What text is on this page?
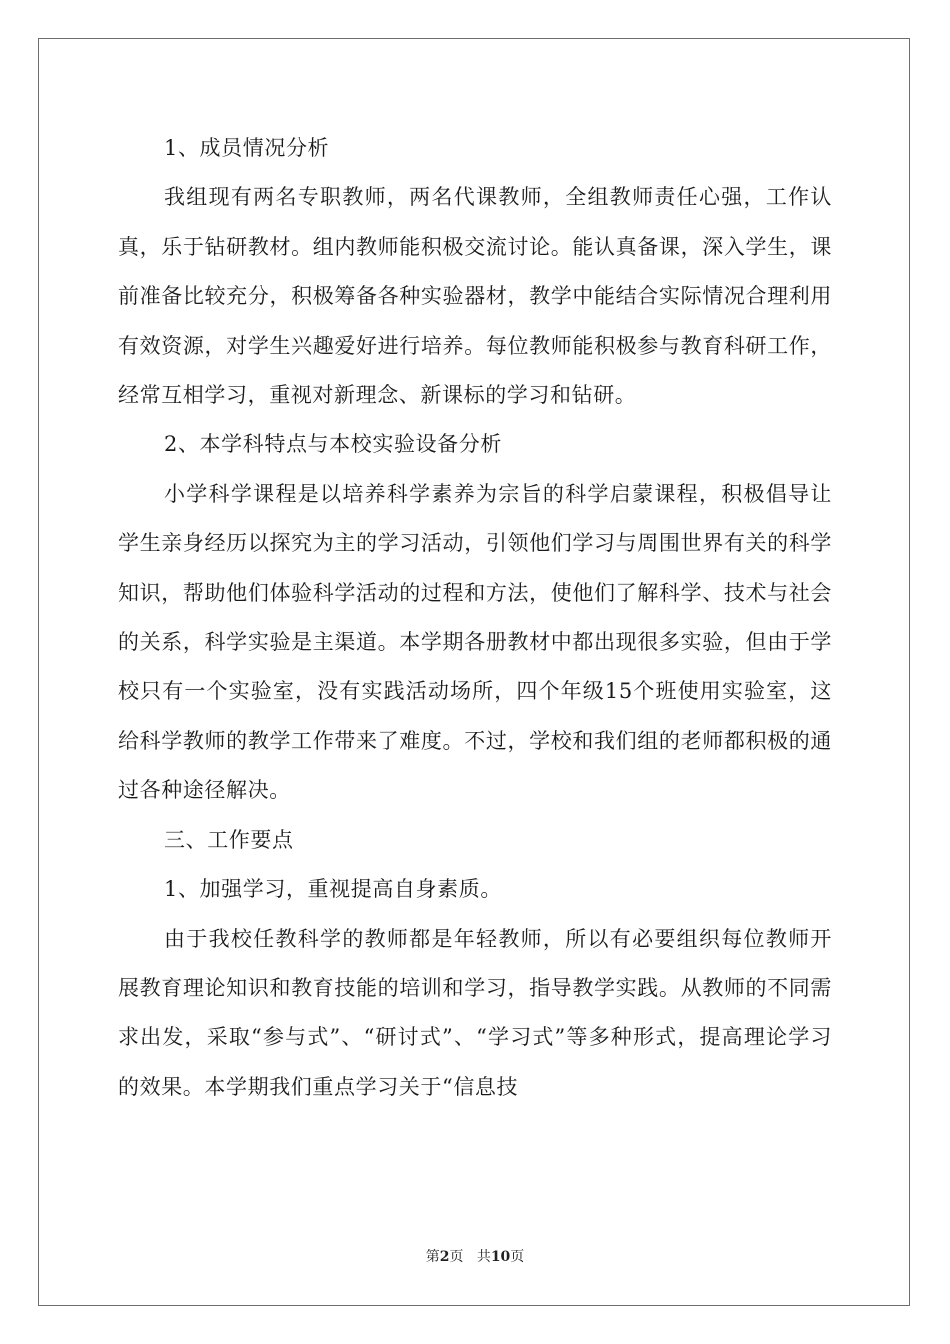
1、成员情况分析

我组现有两名专职教师，两名代课教师，全组教师责任心强，工作认真，乐于钻研教材。组内教师能积极交流讨论。能认真备课，深入学生，课前准备比较充分，积极筹备各种实验器材，教学中能结合实际情况合理利用有效资源，对学生兴趣爱好进行培养。每位教师能积极参与教育科研工作，经常互相学习，重视对新理念、新课标的学习和钻研。

2、本学科特点与本校实验设备分析

小学科学课程是以培养科学素养为宗旨的科学启蒙课程，积极倡导让学生亲身经历以探究为主的学习活动，引领他们学习与周围世界有关的科学知识，帮助他们体验科学活动的过程和方法，使他们了解科学、技术与社会的关系，科学实验是主渠道。本学期各册教材中都出现很多实验，但由于学校只有一个实验室，没有实践活动场所，四个年级15个班使用实验室，这给科学教师的教学工作带来了难度。不过，学校和我们组的老师都积极的通过各种途径解决。

三、工作要点

1、加强学习，重视提高自身素质。

由于我校任教科学的教师都是年轻教师，所以有必要组织每位教师开展教育理论知识和教育技能的培训和学习，指导教学实践。从教师的不同需求出发，采取“参与式”、“研讨式”、“学习式”等多种形式，提高理论学习的效果。本学期我们重点学习关于“信息技

第2页 共10页
